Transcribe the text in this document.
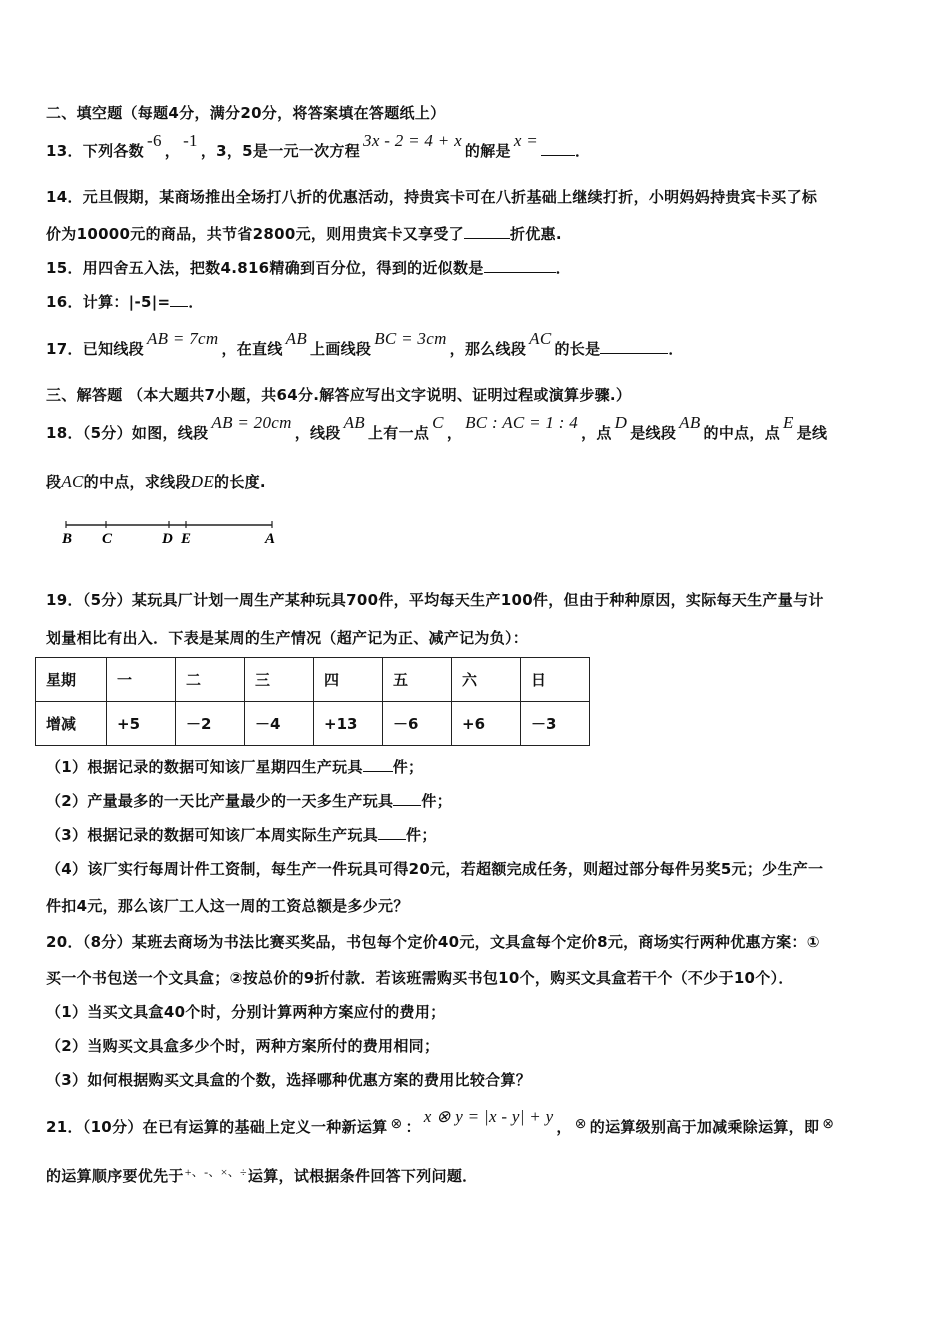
二、填空题（每题4分，满分20分，将答案填在答题纸上）
13．下列各数-6，-1，3，5是一元一次方程3x - 2 = 4 + x的解是x =．
14．元旦假期，某商场推出全场打八折的优惠活动，持贵宾卡可在八折基础上继续打折，小明妈妈持贵宾卡买了标
价为10000元的商品，共节省2800元，则用贵宾卡又享受了	折优惠.
15．用四舍五入法，把数4.816精确到百分位，得到的近似数是	．
16．计算：|-5|= ．
17．已知线段AB = 7cm，在直线AB上画线段BC = 3cm，那么线段AC的长是	．
三、解答题 （本大题共7小题，共64分.解答应写出文字说明、证明过程或演算步骤.）
18．（5分）如图，线段AB = 20cm，线段AB上有一点C，BC : AC = 1 : 4，点D是线段AB的中点，点E是线
段AC的中点，求线段DE的长度.
B C	D E	A
19．（5分）某玩具厂计划一周生产某种玩具700件，平均每天生产100件，但由于种种原因，实际每天生产量与计
划量相比有出入．下表是某周的生产情况（超产记为正、减产记为负）：
星期	一	二	三	四	五	六	日
增减	+5	－2	－4	+13	－6	+6	－3
（1）根据记录的数据可知该厂星期四生产玩具 件；
（2）产量最多的一天比产量最少的一天多生产玩具 件；
（3）根据记录的数据可知该厂本周实际生产玩具 件；
（4）该厂实行每周计件工资制，每生产一件玩具可得20元，若超额完成任务，则超过部分每件另奖5元；少生产一
件扣4元，那么该厂工人这一周的工资总额是多少元？
20．（8分）某班去商场为书法比赛买奖品，书包每个定价40元，文具盒每个定价8元，商场实行两种优惠方案：①
买一个书包送一个文具盒；②按总价的9折付款．若该班需购买书包10个，购买文具盒若干个（不少于10个）．
（1）当买文具盒40个时，分别计算两种方案应付的费用；
（2）当购买文具盒多少个时，两种方案所付的费用相同；
（3）如何根据购买文具盒的个数，选择哪种优惠方案的费用比较合算？
21．（10分）在已有运算的基础上定义一种新运算 ⊗ ：x ⊗ y = |x - y| + y， ⊗ 的运算级别高于加减乘除运算，即 ⊗
的运算顺序要优先于+、-、×、÷运算，试根据条件回答下列问题．
